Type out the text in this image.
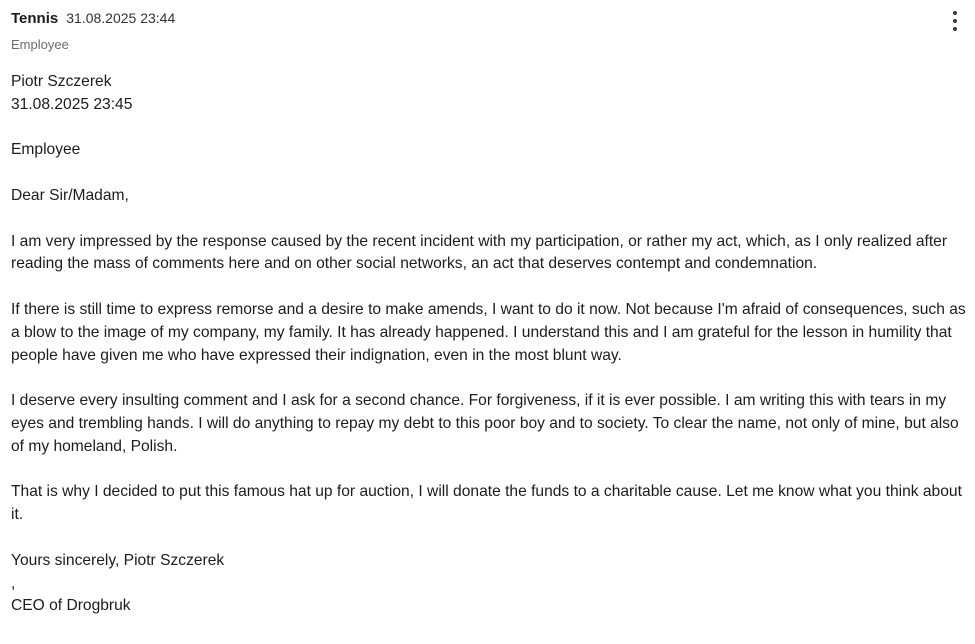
Tennis 31.08.2025 23:44
Employee

Piotr Szczerek

31.08.2025 23:45

Employee

Dear Sir/Madam,

I am very impressed by the response caused by the recent incident with my participation, or rather my act, which, as I only realized after reading the mass of comments here and on other social networks, an act that deserves contempt and condemnation.

If there is still time to express remorse and a desire to make amends, I want to do it now. Not because I'm afraid of consequences, such as a blow to the image of my company, my family. It has already happened. I understand this and I am grateful for the lesson in humility that people have given me who have expressed their indignation, even in the most blunt way.

I deserve every insulting comment and I ask for a second chance. For forgiveness, if it is ever possible. I am writing this with tears in my eyes and trembling hands. I will do anything to repay my debt to this poor boy and to society. To clear the name, not only of mine, but also of my homeland, Polish.

That is why I decided to put this famous hat up for auction, I will donate the funds to a charitable cause. Let me know what you think about it.

Yours sincerely, Piotr Szczerek

,

CEO of Drogbruk
